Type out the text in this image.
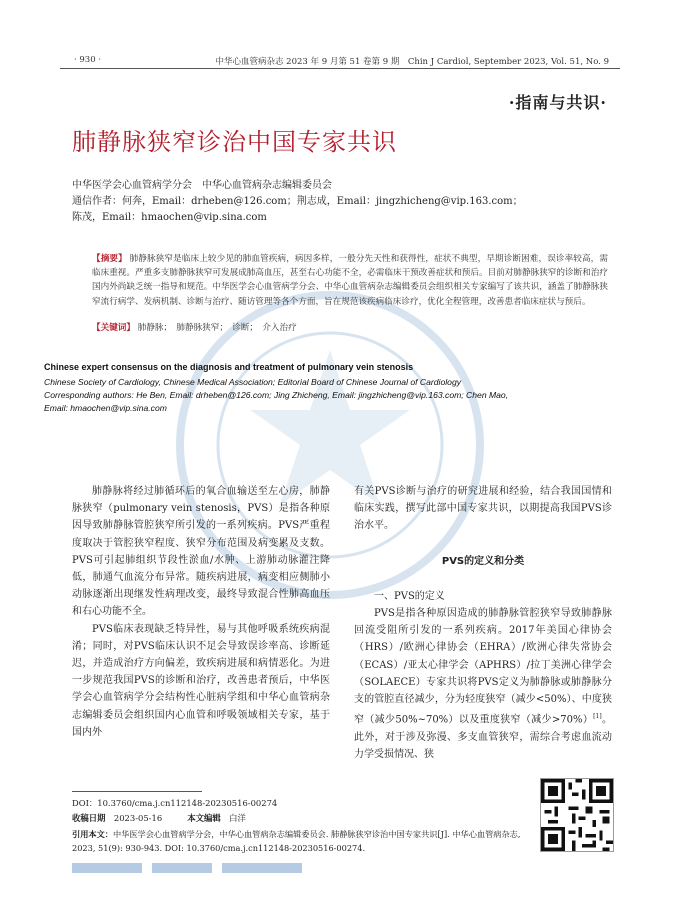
· 930 ·	中华心血管病杂志 2023 年 9 月第 51 卷第 9 期　Chin J Cardiol, September 2023, Vol. 51, No. 9
·指南与共识·
肺静脉狭窄诊治中国专家共识
中华医学会心血管病学分会　中华心血管病杂志编辑委员会
通信作者：何奔，Email：drheben@126.com；荆志成，Email：jingzhicheng@vip.163.com；
陈茂，Email：hmaochen@vip.sina.com
【摘要】 肺静脉狭窄是临床上较少见的肺血管疾病，病因多样，一般分先天性和获得性，症状不典型，早期诊断困难，误诊率较高，需临床重视。严重多支肺静脉狭窄可发展成肺高血压，甚至右心功能不全，必需临床干预改善症状和预后。目前对肺静脉狭窄的诊断和治疗国内外尚缺乏统一指导和规范。中华医学会心血管病学分会、中华心血管病杂志编辑委员会组织相关专家编写了该共识，涵盖了肺静脉狭窄流行病学、发病机制、诊断与治疗、随访管理等各个方面，旨在规范该疾病临床诊疗，优化全程管理，改善患者临床症状与预后。
【关键词】 肺静脉；　肺静脉狭窄；　诊断；　介入治疗
Chinese expert consensus on the diagnosis and treatment of pulmonary vein stenosis
Chinese Society of Cardiology, Chinese Medical Association; Editorial Board of Chinese Journal of Cardiology
Corresponding authors: He Ben, Email: drheben@126.com; Jing Zhicheng, Email: jingzhicheng@vip.163.com; Chen Mao, Email: hmaochen@vip.sina.com

肺静脉将经过肺循环后的氧合血输送至左心房，肺静脉狭窄（pulmonary vein stenosis，PVS）是指各种原因导致肺静脉管腔狭窄所引发的一系列疾病。PVS严重程度取决于管腔狭窄程度、狭窄分布范围及病变累及支数。PVS可引起肺组织节段性淤血/水肿、上游肺动脉灌注降低，肺通气血流分布异常。随疾病进展，病变相应侧肺小动脉逐渐出现继发性病理改变，最终导致混合性肺高血压和右心功能不全。

PVS临床表现缺乏特异性，易与其他呼吸系统疾病混淆；同时，对PVS临床认识不足会导致误诊率高、诊断延迟，并造成治疗方向偏差，致疾病进展和病情恶化。为进一步规范我国PVS的诊断和治疗，改善患者预后，中华医学会心血管病学分会结构性心脏病学组和中华心血管病杂志编辑委员会组织国内心血管和呼吸领域相关专家，基于国内外

有关PVS诊断与治疗的研究进展和经验，结合我国国情和临床实践，撰写此部中国专家共识，以期提高我国PVS诊治水平。

PVS的定义和分类

一、PVS的定义

PVS是指各种原因造成的肺静脉管腔狭窄导致肺静脉回流受阻所引发的一系列疾病。2017年美国心律协会（HRS）/欧洲心律协会（EHRA）/欧洲心律失常协会（ECAS）/亚太心律学会（APHRS）/拉丁美洲心律学会（SOLAECE）专家共识将PVS定义为肺静脉或肺静脉分支的管腔直径减少，分为轻度狭窄（减少<50%）、中度狭窄（减少50%~70%）以及重度狭窄（减少>70%）[1]。此外，对于涉及弥漫、多支血管狭窄，需综合考虑血流动力学受损情况、狭

DOI：10.3760/cma.j.cn112148-20230516-00274
收稿日期　 2023-05-16　　　	本文编辑　 白洋
引用本文：中华医学会心血管病学分会，中华心血管病杂志编辑委员会. 肺静脉狭窄诊治中国专家共识[J]. 中华心血管病杂志, 2023, 51(9): 930-943. DOI: 10.3760/cma.j.cn112148-20230516-00274.
